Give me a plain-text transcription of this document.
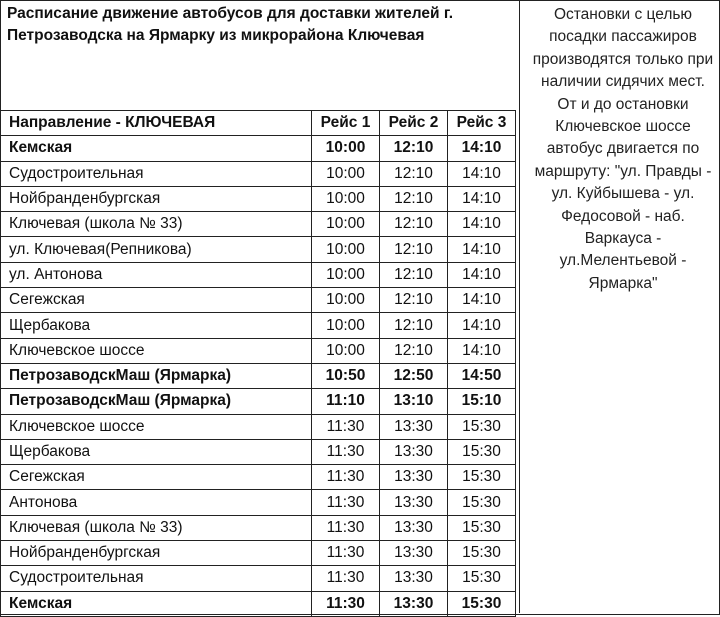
Расписание движение автобусов для доставки жителей г. Петрозаводска на Ярмарку из микрорайона Ключевая
Остановки с целью посадки пассажиров производятся только при наличии сидячих мест. От и до остановки Ключевское шоссе автобус двигается по маршруту: "ул. Правды - ул. Куйбышева - ул. Федосовой - наб. Варкауса - ул.Мелентьевой - Ярмарка"
Направление - КЛЮЧЕВАЯ	Рейс 1	Рейс 2	Рейс 3
Кемская	10:00	12:10	14:10
Судостроительная	10:00	12:10	14:10
Нойбранденбургская	10:00	12:10	14:10
Ключевая (школа № 33)	10:00	12:10	14:10
ул. Ключевая(Репникова)	10:00	12:10	14:10
ул. Антонова	10:00	12:10	14:10
Сегежская	10:00	12:10	14:10
Щербакова	10:00	12:10	14:10
Ключевское шоссе	10:00	12:10	14:10
ПетрозаводскМаш (Ярмарка)	10:50	12:50	14:50
ПетрозаводскМаш (Ярмарка)	11:10	13:10	15:10
Ключевское шоссе	11:30	13:30	15:30
Щербакова	11:30	13:30	15:30
Сегежская	11:30	13:30	15:30
Антонова	11:30	13:30	15:30
Ключевая (школа № 33)	11:30	13:30	15:30
Нойбранденбургская	11:30	13:30	15:30
Судостроительная	11:30	13:30	15:30
Кемская	11:30	13:30	15:30
